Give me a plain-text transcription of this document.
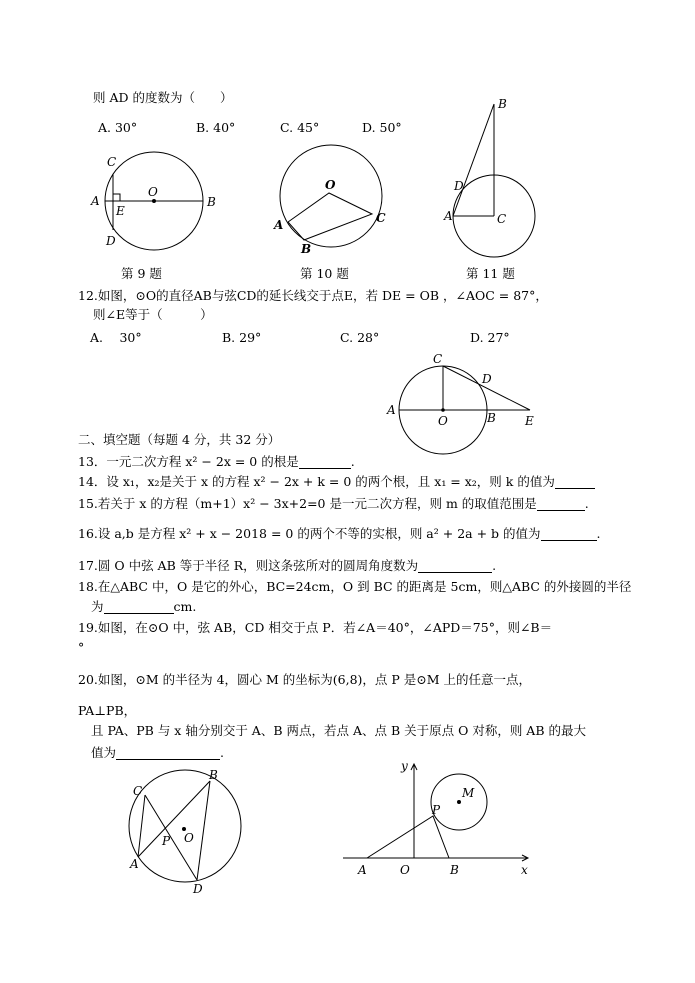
则 AD 的度数为（　　）
A. 30°	B. 40°	C. 45°	D. 50°
C
A
O
B
E
D
O
A
B
C
B
D
A	C
C
D
A
O	B E
C
B
O
P
A
D
y
M
P
A	O	B	x
第 9 题	第 10 题	第 11 题
12.如图，⊙O的直径AB与弦CD的延长线交于点E，若 DE = OB ，∠AOC = 87°，
则∠E等于（　　　）
A.　 30°	B. 29°	C. 28°	D. 27°
二、填空题（每题 4 分，共 32 分）
13．一元二次方程 x² − 2x = 0 的根是	.
14．设 x₁，x₂是关于 x 的方程 x² − 2x + k = 0 的两个根，且 x₁ = x₂，则 k 的值为
15.若关于 x 的方程（m+1）x² − 3x+2=0 是一元二次方程，则 m 的取值范围是	.
16.设 a,b 是方程 x² + x − 2018 = 0 的两个不等的实根，则 a² + 2a + b 的值为	.
17.圆 O 中弦 AB 等于半径 R，则这条弦所对的圆周角度数为	.
18.在△ABC 中，O 是它的外心，BC=24cm，O 到 BC 的距离是 5cm，则△ABC 的外接圆的半径
为	cm.
19.如图，在⊙O 中，弦 AB，CD 相交于点 P．若∠A＝40°，∠APD＝75°，则∠B＝
°
20.如图，⊙M 的半径为 4，圆心 M 的坐标为(6,8)，点 P 是⊙M 上的任意一点，
PA⊥PB，
且 PA、PB 与 x 轴分别交于 A、B 两点，若点 A、点 B 关于原点 O 对称，则 AB 的最大
值为	.
